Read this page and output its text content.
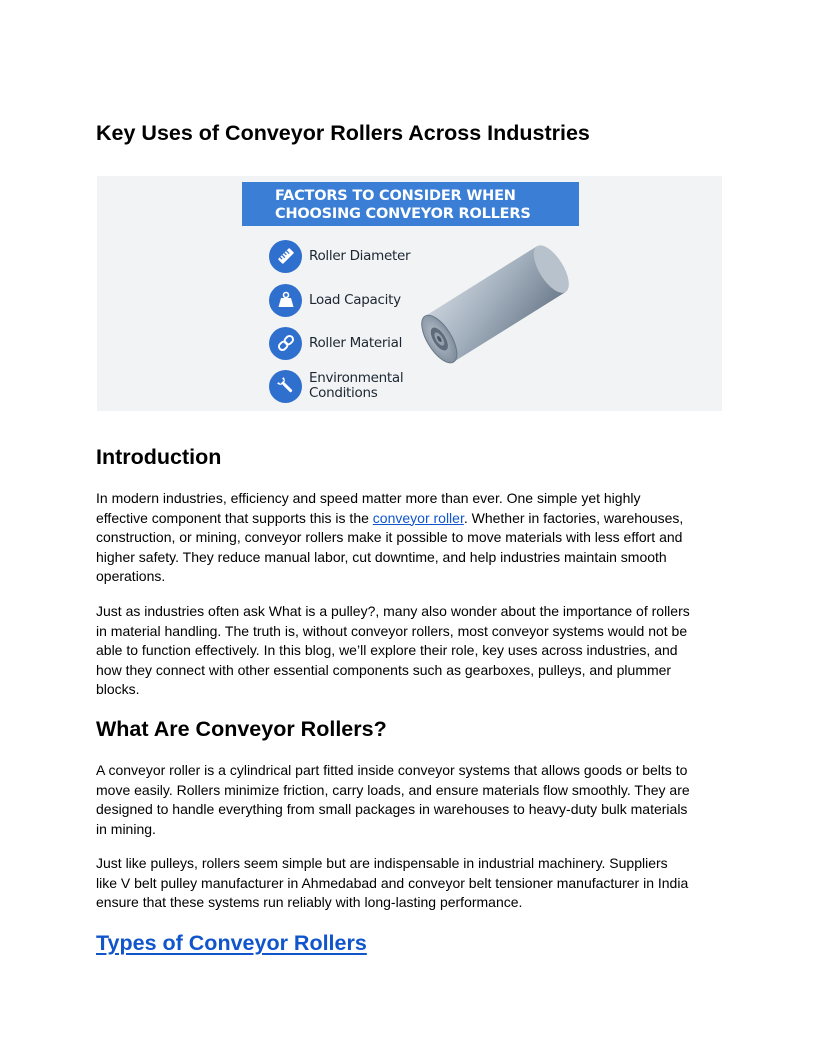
Key Uses of Conveyor Rollers Across Industries
FACTORS TO CONSIDER WHEN
CHOOSING CONVEYOR ROLLERS
Roller Diameter
Load Capacity
Roller Material
Environmental
Conditions
Introduction

In modern industries, efficiency and speed matter more than ever. One simple yet highly
effective component that supports this is the conveyor roller. Whether in factories, warehouses,
construction, or mining, conveyor rollers make it possible to move materials with less effort and
higher safety. They reduce manual labor, cut downtime, and help industries maintain smooth
operations.

Just as industries often ask What is a pulley?, many also wonder about the importance of rollers
in material handling. The truth is, without conveyor rollers, most conveyor systems would not be
able to function effectively. In this blog, we’ll explore their role, key uses across industries, and
how they connect with other essential components such as gearboxes, pulleys, and plummer
blocks.

What Are Conveyor Rollers?

A conveyor roller is a cylindrical part fitted inside conveyor systems that allows goods or belts to
move easily. Rollers minimize friction, carry loads, and ensure materials flow smoothly. They are
designed to handle everything from small packages in warehouses to heavy-duty bulk materials
in mining.

Just like pulleys, rollers seem simple but are indispensable in industrial machinery. Suppliers
like V belt pulley manufacturer in Ahmedabad and conveyor belt tensioner manufacturer in India
ensure that these systems run reliably with long-lasting performance.

Types of Conveyor Rollers
